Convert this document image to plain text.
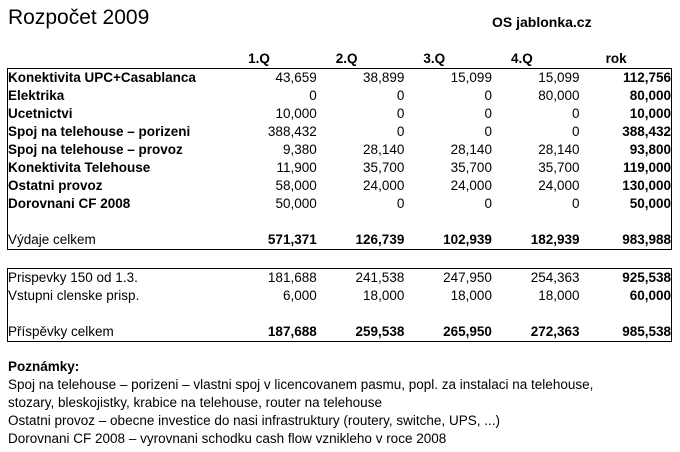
Rozpočet 2009	OS jablonka.cz
	1.Q	2.Q	3.Q	4.Q	rok
Konektivita UPC+Casablanca	43,659	38,899	15,099	15,099	112,756
Elektrika	0	0	0	80,000	80,000
Ucetnictvi	10,000	0	0	0	10,000
Spoj na telehouse – porizeni	388,432	0	0	0	388,432
Spoj na telehouse – provoz	9,380	28,140	28,140	28,140	93,800
Konektivita Telehouse	11,900	35,700	35,700	35,700	119,000
Ostatni provoz	58,000	24,000	24,000	24,000	130,000
Dorovnani CF 2008	50,000	0	0	0	50,000

Výdaje celkem	571,371	126,739	102,939	182,939	983,988

Prispevky 150 od 1.3.	181,688	241,538	247,950	254,363	925,538
Vstupni clenske prisp.	6,000	18,000	18,000	18,000	60,000

Příspěvky celkem	187,688	259,538	265,950	272,363	985,538
Poznámky:
Spoj na telehouse – porizeni – vlastni spoj v licencovanem pasmu, popl. za instalaci na telehouse,
stozary, bleskojistky, krabice na telehouse, router na telehouse
Ostatni provoz – obecne investice do nasi infrastruktury (routery, switche, UPS, ...)
Dorovnani CF 2008 – vyrovnani schodku cash flow vznikleho v roce 2008
